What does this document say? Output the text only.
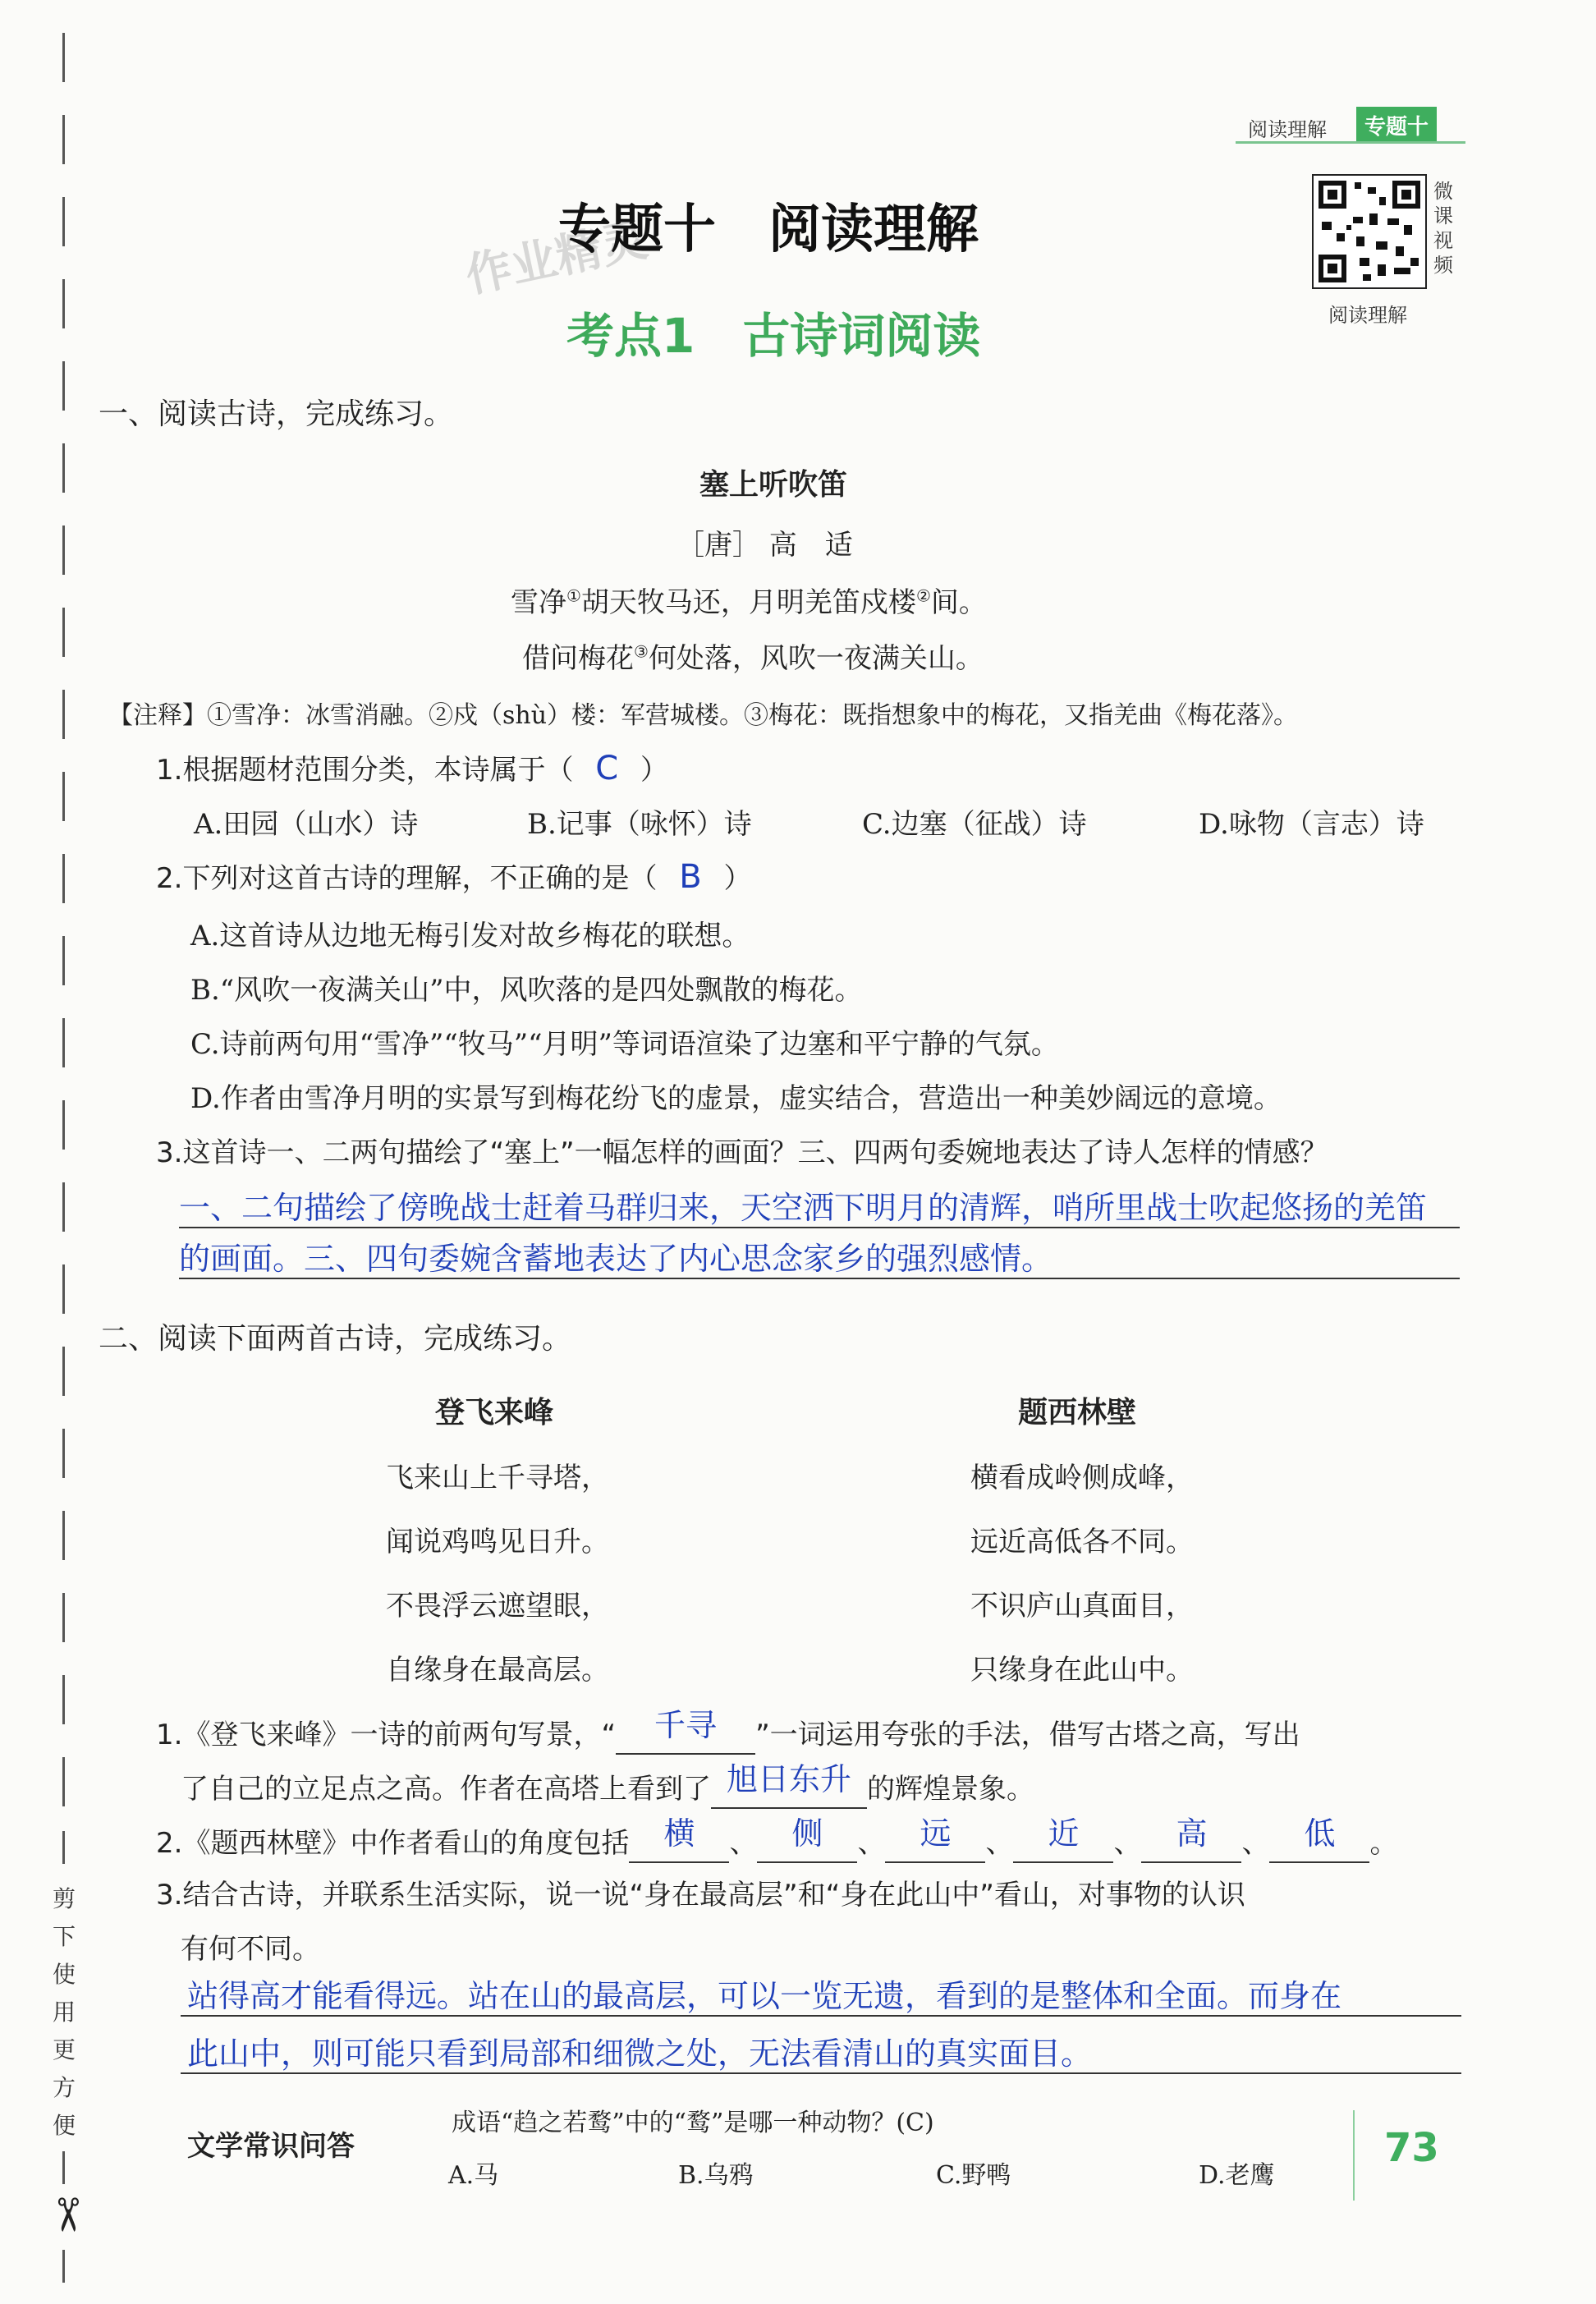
剪
下
使
用
更
方
便
✂
阅读理解	专题十
微
课
视
频
阅读理解
作业精灵
专题十　阅读理解
考点1　古诗词阅读
一、阅读古诗，完成练习。
塞上听吹笛
［唐］ 高　适
雪净①胡天牧马还，月明羌笛戍楼②间。
借问梅花③何处落，风吹一夜满关山。
【注释】①雪净：冰雪消融。②戍（shù）楼：军营城楼。③梅花：既指想象中的梅花，又指羌曲《梅花落》。
1.根据题材范围分类，本诗属于（ C ）
A.田园（山水）诗	B.记事（咏怀）诗	C.边塞（征战）诗	D.咏物（言志）诗
2.下列对这首古诗的理解，不正确的是（ B ）
A.这首诗从边地无梅引发对故乡梅花的联想。
B.“风吹一夜满关山”中，风吹落的是四处飘散的梅花。
C.诗前两句用“雪净”“牧马”“月明”等词语渲染了边塞和平宁静的气氛。
D.作者由雪净月明的实景写到梅花纷飞的虚景，虚实结合，营造出一种美妙阔远的意境。
3.这首诗一、二两句描绘了“塞上”一幅怎样的画面？三、四两句委婉地表达了诗人怎样的情感？
一、二句描绘了傍晚战士赶着马群归来，天空洒下明月的清辉，哨所里战士吹起悠扬的羌笛
的画面。三、四句委婉含蓄地表达了内心思念家乡的强烈感情。
二、阅读下面两首古诗，完成练习。
登飞来峰	题西林壁
飞来山上千寻塔，
闻说鸡鸣见日升。
不畏浮云遮望眼，
自缘身在最高层。
横看成岭侧成峰，
远近高低各不同。
不识庐山真面目，
只缘身在此山中。
1.《登飞来峰》一诗的前两句写景，“ 千寻 ”一词运用夸张的手法，借写古塔之高，写出
了自己的立足点之高。作者在高塔上看到了 旭日东升 的辉煌景象。
2.《题西林壁》中作者看山的角度包括 横 、 侧 、 远 、 近 、 高 、 低 。
3.结合古诗，并联系生活实际，说一说“身在最高层”和“身在此山中”看山，对事物的认识
有何不同。
站得高才能看得远。站在山的最高层，可以一览无遗，看到的是整体和全面。而身在
此山中，则可能只看到局部和细微之处，无法看清山的真实面目。
文学常识问答
成语“趋之若鹜”中的“鹜”是哪一种动物？(C)
A.马	B.乌鸦	C.野鸭	D.老鹰
73
